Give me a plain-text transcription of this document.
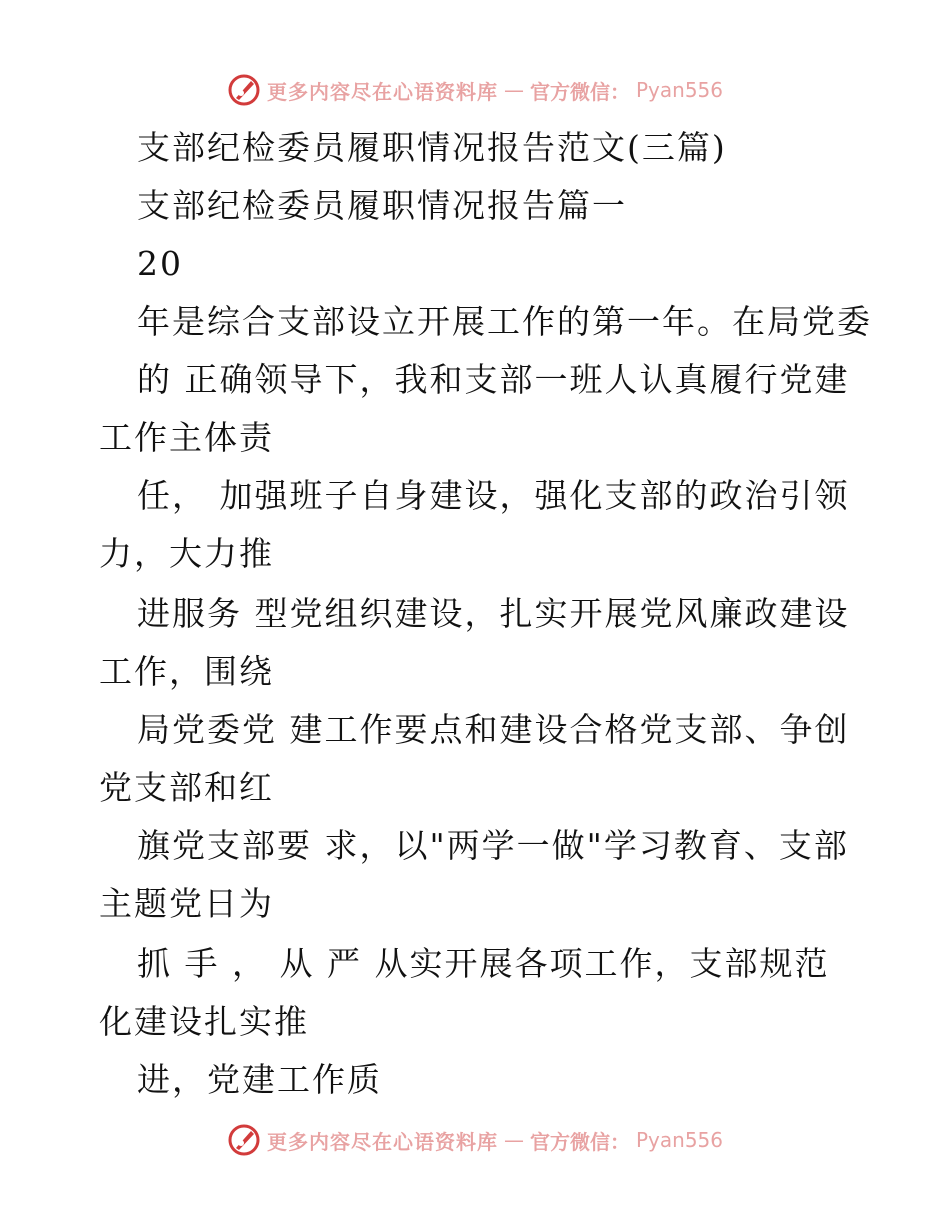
更多内容尽在心语资料库 — 官方微信： Pyan556
支部纪检委员履职情况报告范文(三篇)
支部纪检委员履职情况报告篇一
20
年是综合支部设立开展工作的第一年。在局党委
的 正确领导下，我和支部一班人认真履行党建
工作主体责
任， 加强班子自身建设，强化支部的政治引领
力，大力推
进服务 型党组织建设，扎实开展党风廉政建设
工作，围绕
局党委党 建工作要点和建设合格党支部、争创
党支部和红
旗党支部要 求，以"两学一做"学习教育、支部
主题党日为
抓 手 ， 从 严 从实开展各项工作，支部规范
化建设扎实推
进，党建工作质
更多内容尽在心语资料库 — 官方微信： Pyan556
